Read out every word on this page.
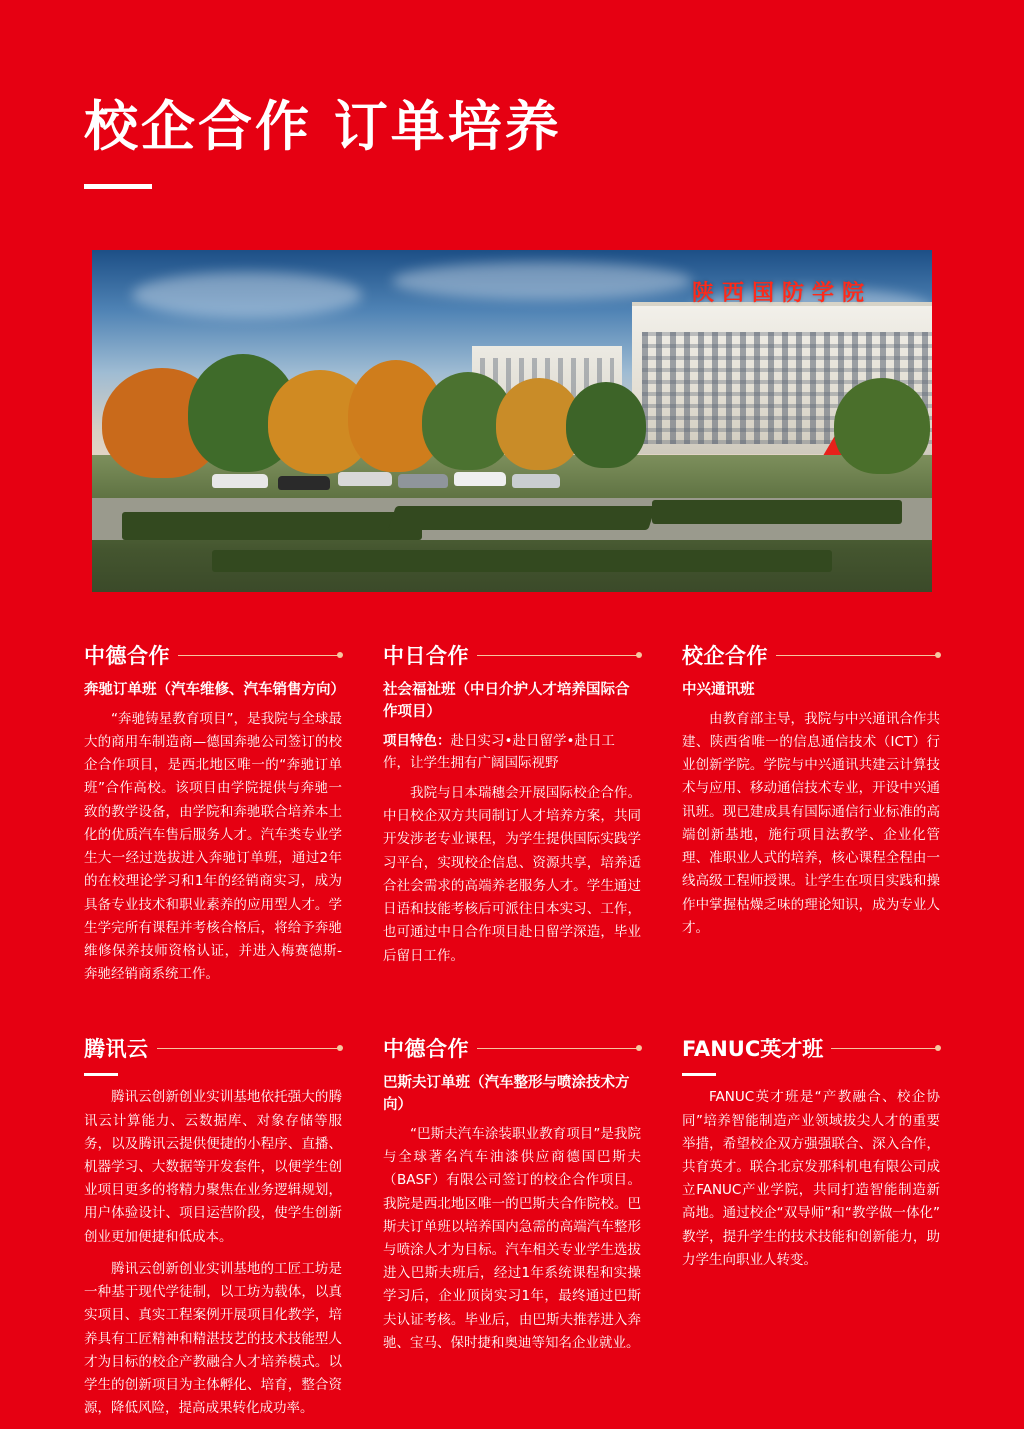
校企合作 订单培养
陕西国防学院
中德合作

奔驰订单班（汽车维修、汽车销售方向）

“奔驰铸星教育项目”，是我院与全球最大的商用车制造商—德国奔驰公司签订的校企合作项目，是西北地区唯一的“奔驰订单班”合作高校。该项目由学院提供与奔驰一致的教学设备，由学院和奔驰联合培养本土化的优质汽车售后服务人才。汽车类专业学生大一经过选拔进入奔驰订单班，通过2年的在校理论学习和1年的经销商实习，成为具备专业技术和职业素养的应用型人才。学生学完所有课程并考核合格后，将给予奔驰维修保养技师资格认证，并进入梅赛德斯-奔驰经销商系统工作。

中日合作

社会福祉班（中日介护人才培养国际合作项目）

项目特色：赴日实习•赴日留学•赴日工作，让学生拥有广阔国际视野

我院与日本瑞穗会开展国际校企合作。中日校企双方共同制订人才培养方案，共同开发涉老专业课程，为学生提供国际实践学习平台，实现校企信息、资源共享，培养适合社会需求的高端养老服务人才。学生通过日语和技能考核后可派往日本实习、工作，也可通过中日合作项目赴日留学深造，毕业后留日工作。

校企合作

中兴通讯班

由教育部主导，我院与中兴通讯合作共建、陕西省唯一的信息通信技术（ICT）行业创新学院。学院与中兴通讯共建云计算技术与应用、移动通信技术专业，开设中兴通讯班。现已建成具有国际通信行业标准的高端创新基地，施行项目法教学、企业化管理、准职业人式的培养，核心课程全程由一线高级工程师授课。让学生在项目实践和操作中掌握枯燥乏味的理论知识，成为专业人才。

腾讯云

腾讯云创新创业实训基地依托强大的腾讯云计算能力、云数据库、对象存储等服务，以及腾讯云提供便捷的小程序、直播、机器学习、大数据等开发套件，以便学生创业项目更多的将精力聚焦在业务逻辑规划，用户体验设计、项目运营阶段，使学生创新创业更加便捷和低成本。

腾讯云创新创业实训基地的工匠工坊是一种基于现代学徒制，以工坊为载体，以真实项目、真实工程案例开展项目化教学，培养具有工匠精神和精湛技艺的技术技能型人才为目标的校企产教融合人才培养模式。以学生的创新项目为主体孵化、培育，整合资源，降低风险，提高成果转化成功率。

中德合作

巴斯夫订单班（汽车整形与喷涂技术方向）

“巴斯夫汽车涂装职业教育项目”是我院与全球著名汽车油漆供应商德国巴斯夫（BASF）有限公司签订的校企合作项目。我院是西北地区唯一的巴斯夫合作院校。巴斯夫订单班以培养国内急需的高端汽车整形与喷涂人才为目标。汽车相关专业学生选拔进入巴斯夫班后，经过1年系统课程和实操学习后，企业顶岗实习1年，最终通过巴斯夫认证考核。毕业后，由巴斯夫推荐进入奔驰、宝马、保时捷和奥迪等知名企业就业。

FANUC英才班

FANUC英才班是“产教融合、校企协同”培养智能制造产业领域拔尖人才的重要举措，希望校企双方强强联合、深入合作，共育英才。联合北京发那科机电有限公司成立FANUC产业学院，共同打造智能制造新高地。通过校企“双导师”和“教学做一体化”教学，提升学生的技术技能和创新能力，助力学生向职业人转变。
